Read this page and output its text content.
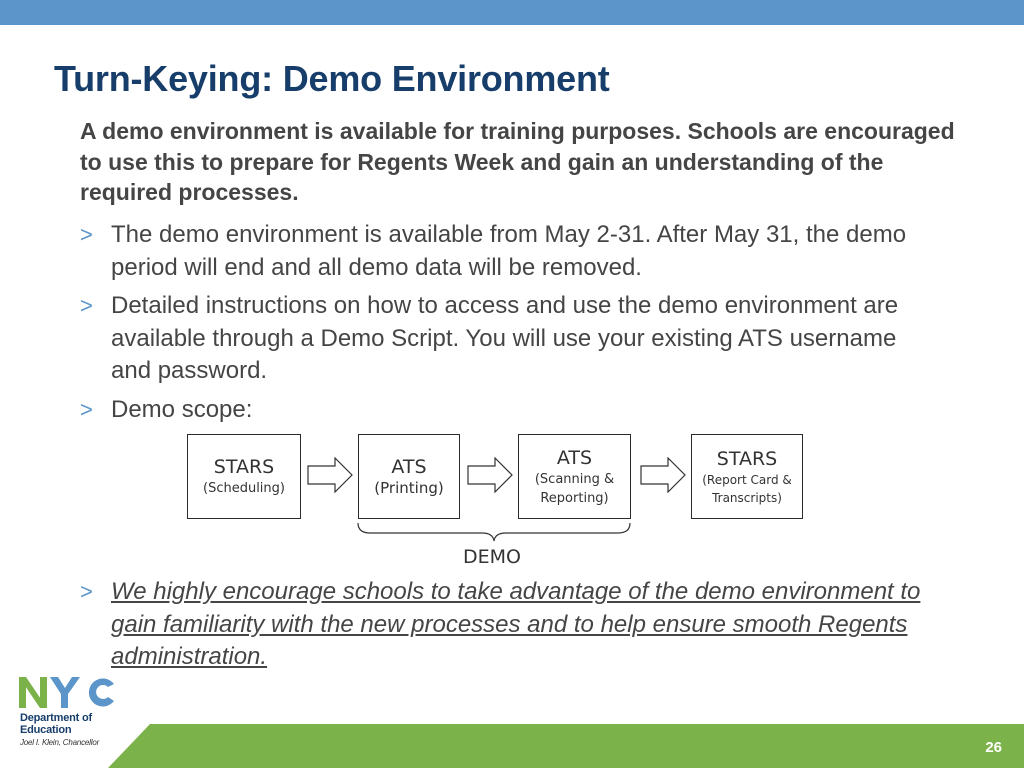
Turn-Keying: Demo Environment

A demo environment is available for training purposes. Schools are encouraged to use this to prepare for Regents Week and gain an understanding of the required processes.

> The demo environment is available from May 2-31. After May 31, the demo period will end and all demo data will be removed.
> Detailed instructions on how to access and use the demo environment are available through a Demo Script. You will use your existing ATS username and password.
> Demo scope:
STARS
(Scheduling)
ATS
(Printing)
ATS
(Scanning & Reporting)
STARS
(Report Card & Transcripts)
DEMO
> We highly encourage schools to take advantage of the demo environment to gain familiarity with the new processes and to help ensure smooth Regents administration.
26
Department of
Education
Joel I. Klein, Chancellor
